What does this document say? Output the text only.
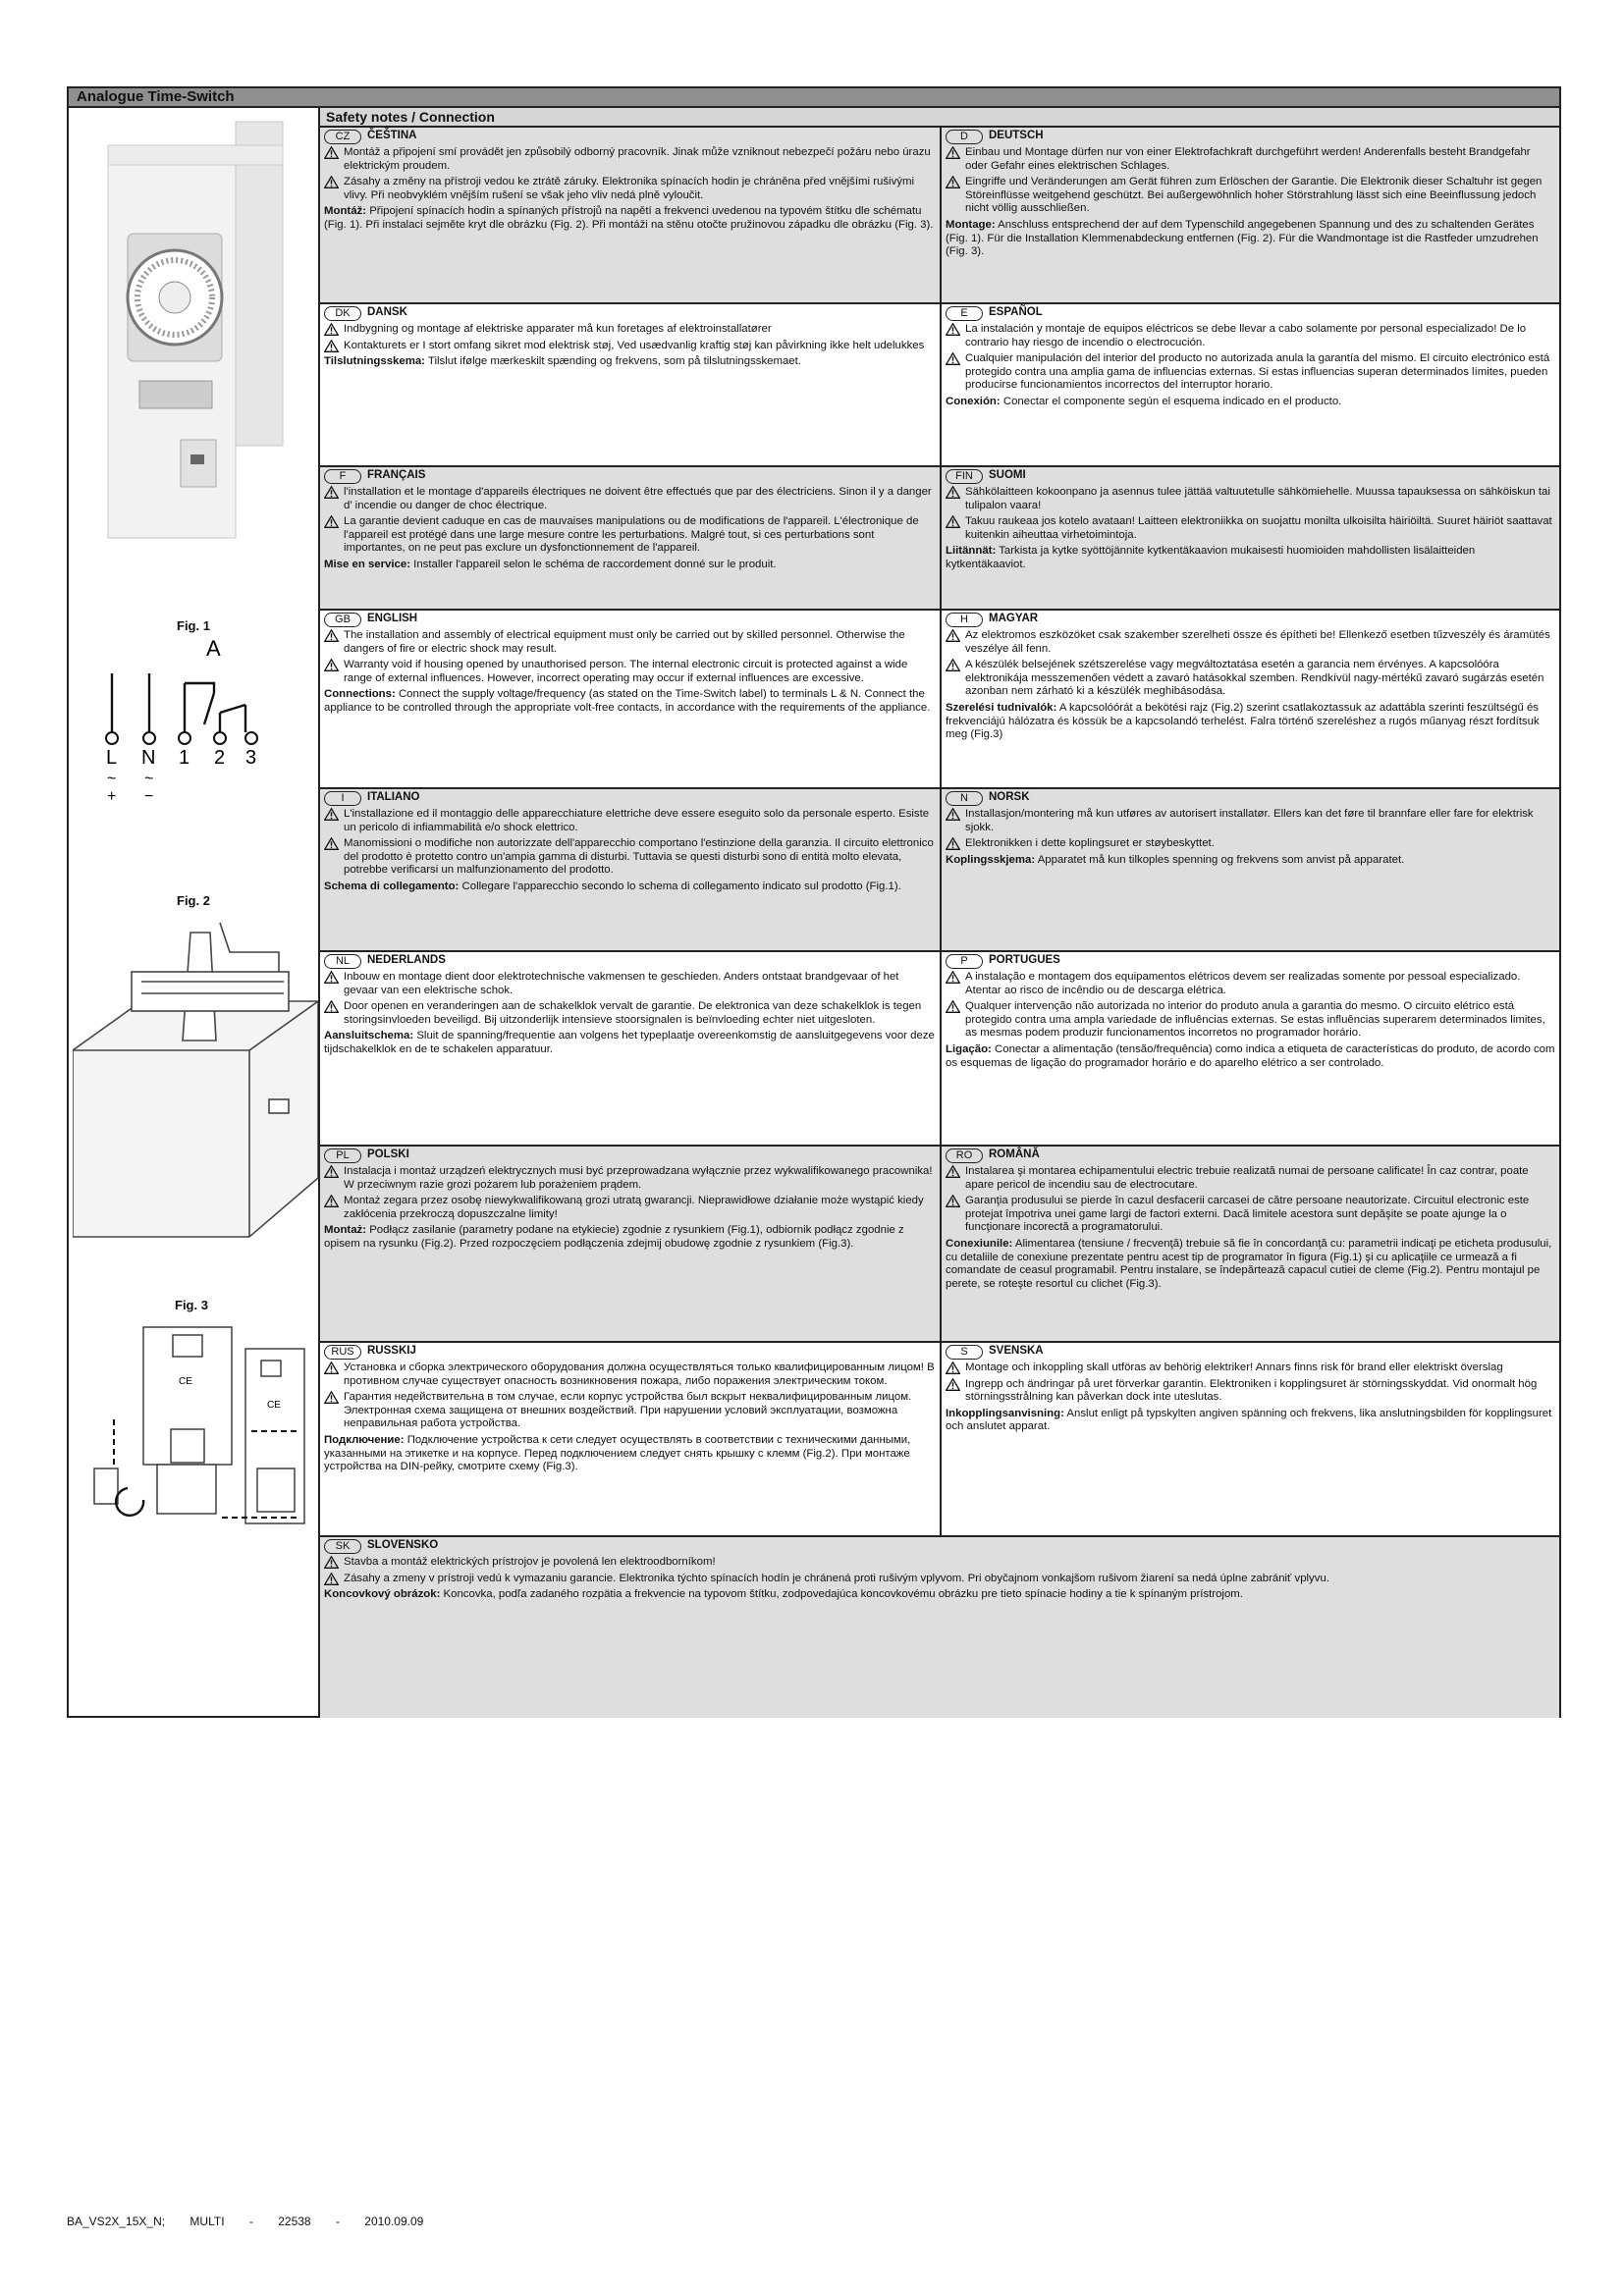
Analogue Time-Switch
Fig. 1
A
L N 1 2 3
~ ~
+ −
Fig. 2
Fig. 3
CE
CE
Safety notes / Connection
CZ	ČEŠTINA
Montáž a připojení smí provádět jen způsobilý odborný pracovník. Jinak může vzniknout nebezpečí požáru nebo úrazu elektrickým proudem.
Zásahy a změny na přístroji vedou ke ztrátě záruky. Elektronika spínacích hodin je chráněna před vnějšími rušivými vlivy. Při neobvyklém vnějším rušení se však jeho vliv nedá plně vyloučit.
Montáž: Připojení spínacích hodin a spínaných přístrojů na napětí a frekvenci uvedenou na typovém štítku dle schématu (Fig. 1). Při instalaci sejměte kryt dle obrázku (Fig. 2). Při montáži na stěnu otočte pružinovou západku dle obrázku (Fig. 3).
D	DEUTSCH
Einbau und Montage dürfen nur von einer Elektrofachkraft durchgeführt werden! Anderenfalls besteht Brandgefahr oder Gefahr eines elektrischen Schlages.
Eingriffe und Veränderungen am Gerät führen zum Erlöschen der Garantie. Die Elektronik dieser Schaltuhr ist gegen Störeinflüsse weitgehend geschützt. Bei außergewöhnlich hoher Störstrahlung lässt sich eine Beeinflussung jedoch nicht völlig ausschließen.
Montage: Anschluss entsprechend der auf dem Typenschild angegebenen Spannung und des zu schaltenden Gerätes (Fig. 1). Für die Installation Klemmenabdeckung entfernen (Fig. 2). Für die Wandmontage ist die Rastfeder umzudrehen (Fig. 3).
DK	DANSK
Indbygning og montage af elektriske apparater må kun foretages af elektroinstallatører
Kontakturets er I stort omfang sikret mod elektrisk støj, Ved usædvanlig kraftig støj kan påvirkning ikke helt udelukkes
Tilslutningsskema: Tilslut ifølge mærkeskilt spænding og frekvens, som på tilslutningsskemaet.
E	ESPAÑOL
La instalación y montaje de equipos eléctricos se debe llevar a cabo solamente por personal especializado! De lo contrario hay riesgo de incendio o electrocución.
Cualquier manipulación del interior del producto no autorizada anula la garantía del mismo. El circuito electrónico está protegido contra una amplia gama de influencias externas. Si estas influencias superan determinados límites, pueden producirse funcionamientos incorrectos del interruptor horario.
Conexión: Conectar el componente según el esquema indicado en el producto.
F	FRANÇAIS
l'installation et le montage d'appareils électriques ne doivent être effectués que par des électriciens. Sinon il y a danger d' incendie ou danger de choc électrique.
La garantie devient caduque en cas de mauvaises manipulations ou de modifications de l'appareil. L'électronique de l'appareil est protégé dans une large mesure contre les perturbations. Malgré tout, si ces perturbations sont importantes, on ne peut pas exclure un dysfonctionnement de l'appareil.
Mise en service: Installer l'appareil selon le schéma de raccordement donné sur le produit.
FIN	SUOMI
Sähkölaitteen kokoonpano ja asennus tulee jättää valtuutetulle sähkömiehelle. Muussa tapauksessa on sähköiskun tai tulipalon vaara!
Takuu raukeaa jos kotelo avataan! Laitteen elektroniikka on suojattu monilta ulkoisilta häiriöiltä. Suuret häiriöt saattavat kuitenkin aiheuttaa virhetoimintoja.
Liitännät: Tarkista ja kytke syöttöjännite kytkentäkaavion mukaisesti huomioiden mahdollisten lisälaitteiden kytkentäkaaviot.
GB	ENGLISH
The installation and assembly of electrical equipment must only be carried out by skilled personnel. Otherwise the dangers of fire or electric shock may result.
Warranty void if housing opened by unauthorised person. The internal electronic circuit is protected against a wide range of external influences. However, incorrect operating may occur if external influences are excessive.
Connections: Connect the supply voltage/frequency (as stated on the Time-Switch label) to terminals L & N. Connect the appliance to be controlled through the appropriate volt-free contacts, in accordance with the requirements of the appliance.
H	MAGYAR
Az elektromos eszközöket csak szakember szerelheti össze és építheti be! Ellenkező esetben tűzveszély és áramütés veszélye áll fenn.
A készülék belsejének szétszerelése vagy megváltoztatása esetén a garancia nem érvényes. A kapcsolóóra elektronikája messzemenően védett a zavaró hatásokkal szemben. Rendkívül nagy-mértékű zavaró sugárzás esetén azonban nem zárható ki a készülék meghibásodása.
Szerelési tudnivalók: A kapcsolóórát a bekötési rajz (Fig.2) szerint csatlakoztassuk az adattábla szerinti feszültségű és frekvenciájú hálózatra és kössük be a kapcsolandó terhelést. Falra történő szereléshez a rugós műanyag részt fordítsuk meg (Fig.3)
I	ITALIANO
L'installazione ed il montaggio delle apparecchiature elettriche deve essere eseguito solo da personale esperto. Esiste un pericolo di infiammabilità e/o shock elettrico.
Manomissioni o modifiche non autorizzate dell'apparecchio comportano l'estinzione della garanzia. Il circuito elettronico del prodotto è protetto contro un'ampia gamma di disturbi. Tuttavia se questi disturbi sono di entità molto elevata, potrebbe verificarsi un malfunzionamento del prodotto.
Schema di collegamento: Collegare l'apparecchio secondo lo schema di collegamento indicato sul prodotto (Fig.1).
N	NORSK
Installasjon/montering må kun utføres av autorisert installatør. Ellers kan det føre til brannfare eller fare for elektrisk sjokk.
Elektronikken i dette koplingsuret er støybeskyttet.
Koplingsskjema: Apparatet må kun tilkoples spenning og frekvens som anvist på apparatet.
NL	NEDERLANDS
Inbouw en montage dient door elektrotechnische vakmensen te geschieden. Anders ontstaat brandgevaar of het gevaar van een elektrische schok.
Door openen en veranderingen aan de schakelklok vervalt de garantie. De elektronica van deze schakelklok is tegen storingsinvloeden beveiligd. Bij uitzonderlijk intensieve stoorsignalen is beïnvloeding echter niet uitgesloten.
Aansluitschema: Sluit de spanning/frequentie aan volgens het typeplaatje overeenkomstig de aansluitgegevens voor deze tijdschakelklok en de te schakelen apparatuur.
P	PORTUGUES
A instalação e montagem dos equipamentos elétricos devem ser realizadas somente por pessoal especializado. Atentar ao risco de incêndio ou de descarga elétrica.
Qualquer intervenção não autorizada no interior do produto anula a garantia do mesmo. O circuito elétrico está protegido contra uma ampla variedade de influências externas. Se estas influências superarem determinados limites, as mesmas podem produzir funcionamentos incorretos no programador horário.
Ligação: Conectar a alimentação (tensão/frequência) como indica a etiqueta de características do produto, de acordo com os esquemas de ligação do programador horário e do aparelho elétrico a ser controlado.
PL	POLSKI
Instalacja i montaż urządzeń elektrycznych musi być przeprowadzana wyłącznie przez wykwalifikowanego pracownika! W przeciwnym razie grozi pożarem lub porażeniem prądem.
Montaż zegara przez osobę niewykwalifikowaną grozi utratą gwarancji. Nieprawidłowe działanie może wystąpić kiedy zakłócenia przekroczą dopuszczalne limity!
Montaż: Podłącz zasilanie (parametry podane na etykiecie) zgodnie z rysunkiem (Fig.1), odbiornik podłącz zgodnie z opisem na rysunku (Fig.2). Przed rozpoczęciem podłączenia zdejmij obudowę zgodnie z rysunkiem (Fig.3).
RO	ROMÂNĂ
Instalarea şi montarea echipamentului electric trebuie realizată numai de persoane calificate! În caz contrar, poate apare pericol de incendiu sau de electrocutare.
Garanţia produsului se pierde în cazul desfacerii carcasei de către persoane neautorizate. Circuitul electronic este protejat împotriva unei game largi de factori externi. Dacă limitele acestora sunt depăşite se poate ajunge la o funcţionare incorectă a programatorului.
Conexiunile: Alimentarea (tensiune / frecvenţă) trebuie să fie în concordanţă cu: parametrii indicaţi pe eticheta produsului, cu detaliile de conexiune prezentate pentru acest tip de programator în figura (Fig.1) şi cu aplicaţiile ce urmează a fi comandate de ceasul programabil. Pentru instalare, se îndepărtează capacul cutiei de cleme (Fig.2). Pentru montajul pe perete, se roteşte resortul cu clichet (Fig.3).
RUS	RUSSKIJ
Установка и сборка электрического оборудования должна осуществляться только квалифицированным лицом! В противном случае существует опасность возникновения пожара, либо поражения электрическим током.
Гарантия недействительна в том случае, если корпус устройства был вскрыт неквалифицированным лицом. Электронная схема защищена от внешних воздействий. При нарушении условий эксплуатации, возможна неправильная работа устройства.
Подключение: Подключение устройства к сети следует осуществлять в соответствии с техническими данными, указанными на этикетке и на корпусе. Перед подключением следует снять крышку с клемм (Fig.2). При монтаже устройства на DIN-рейку, смотрите схему (Fig.3).
S	SVENSKA
Montage och inkoppling skall utföras av behörig elektriker! Annars finns risk för brand eller elektriskt överslag
Ingrepp och ändringar på uret förverkar garantin. Elektroniken i kopplingsuret är störningsskyddat. Vid onormalt hög störningsstrålning kan påverkan dock inte uteslutas.
Inkopplingsanvisning: Anslut enligt på typskylten angiven spänning och frekvens, lika anslutningsbilden för kopplingsuret och anslutet apparat.
SK	SLOVENSKO
Stavba a montáž elektrických prístrojov je povolená len elektroodborníkom!
Zásahy a zmeny v prístroji vedú k vymazaniu garancie. Elektronika týchto spínacích hodín je chránená proti rušivým vplyvom. Pri obyčajnom vonkajšom rušivom žiarení sa nedá úplne zabrániť vplyvu.
Koncovkový obrázok: Koncovka, podľa zadaného rozpätia a frekvencie na typovom štítku, zodpovedajúca koncovkovému obrázku pre tieto spínacie hodiny a tie k spínaným prístrojom.
BA_VS2X_15X_N; MULTI - 22538 - 2010.09.09
